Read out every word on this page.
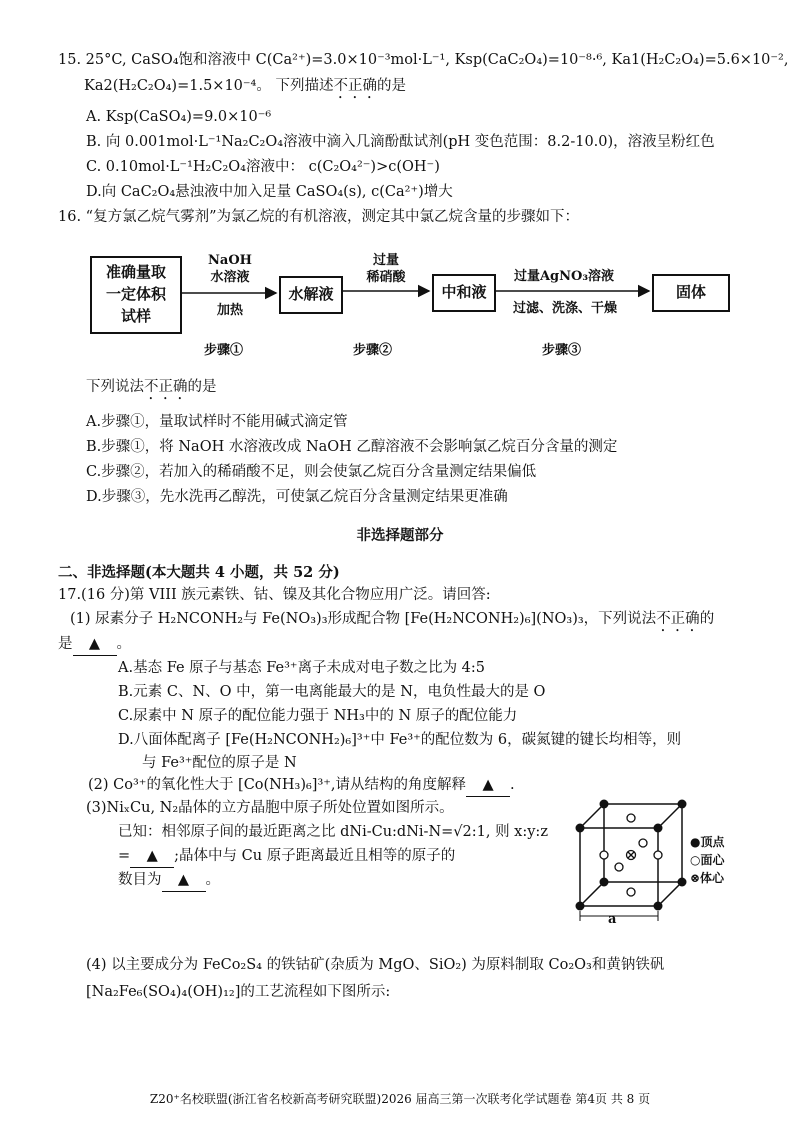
15. 25°C, CaSO₄饱和溶液中 C(Ca²⁺)=3.0×10⁻³mol·L⁻¹, Ksp(CaC₂O₄)=10⁻⁸·⁶, Ka1(H₂C₂O₄)=5.6×10⁻²,
Ka2(H₂C₂O₄)=1.5×10⁻⁴。 下列描述不正确的是
A. Ksp(CaSO₄)=9.0×10⁻⁶
B. 向 0.001mol·L⁻¹Na₂C₂O₄溶液中滴入几滴酚酞试剂(pH 变色范围：8.2-10.0)，溶液呈粉红色
C. 0.10mol·L⁻¹H₂C₂O₄溶液中： c(C₂O₄²⁻)>c(OH⁻)
D.向 CaC₂O₄悬浊液中加入足量 CaSO₄(s), c(Ca²⁺)增大
16. “复方氯乙烷气雾剂”为氯乙烷的有机溶液，测定其中氯乙烷含量的步骤如下：
准确量取
一定体积
试样
NaOH
水溶液
加热
水解液
过量
稀硝酸
中和液
过量AgNO₃溶液
过滤、洗涤、干燥
固体
步骤①	步骤②	步骤③
下列说法不正确的是
A.步骤①，量取试样时不能用碱式滴定管
B.步骤①，将 NaOH 水溶液改成 NaOH 乙醇溶液不会影响氯乙烷百分含量的测定
C.步骤②，若加入的稀硝酸不足，则会使氯乙烷百分含量测定结果偏低
D.步骤③，先水洗再乙醇洗，可使氯乙烷百分含量测定结果更准确
非选择题部分
二、非选择题(本大题共 4 小题，共 52 分)
17.(16 分)第 VIII 族元素铁、钴、镍及其化合物应用广泛。请回答:
(1) 尿素分子 H₂NCONH₂与 Fe(NO₃)₃形成配合物 [Fe(H₂NCONH₂)₆](NO₃)₃，下列说法不正确的
是 ▲ 。
A.基态 Fe 原子与基态 Fe³⁺离子未成对电子数之比为 4:5
B.元素 C、N、O 中，第一电离能最大的是 N，电负性最大的是 O
C.尿素中 N 原子的配位能力强于 NH₃中的 N 原子的配位能力
D.八面体配离子 [Fe(H₂NCONH₂)₆]³⁺中 Fe³⁺的配位数为 6，碳氮键的键长均相等，则
与 Fe³⁺配位的原子是 N
(2) Co³⁺的氧化性大于 [Co(NH₃)₆]³⁺,请从结构的角度解释 ▲ .
(3)NiₓCu, N₂晶体的立方晶胞中原子所处位置如图所示。
已知：相邻原子间的最近距离之比 dNi-Cu:dNi-N=√2:1, 则 x:y:z
= ▲ ;晶体中与 Cu 原子距离最近且相等的原子的
数目为 ▲ 。
a
●顶点
○面心
⊗体心
(4) 以主要成分为 FeCo₂S₄ 的铁钴矿(杂质为 MgO、SiO₂) 为原料制取 Co₂O₃和黄钠铁矾
[Na₂Fe₆(SO₄)₄(OH)₁₂]的工艺流程如下图所示:
Z20⁺名校联盟(浙江省名校新高考研究联盟)2026 届高三第一次联考化学试题卷 第4页 共 8 页
